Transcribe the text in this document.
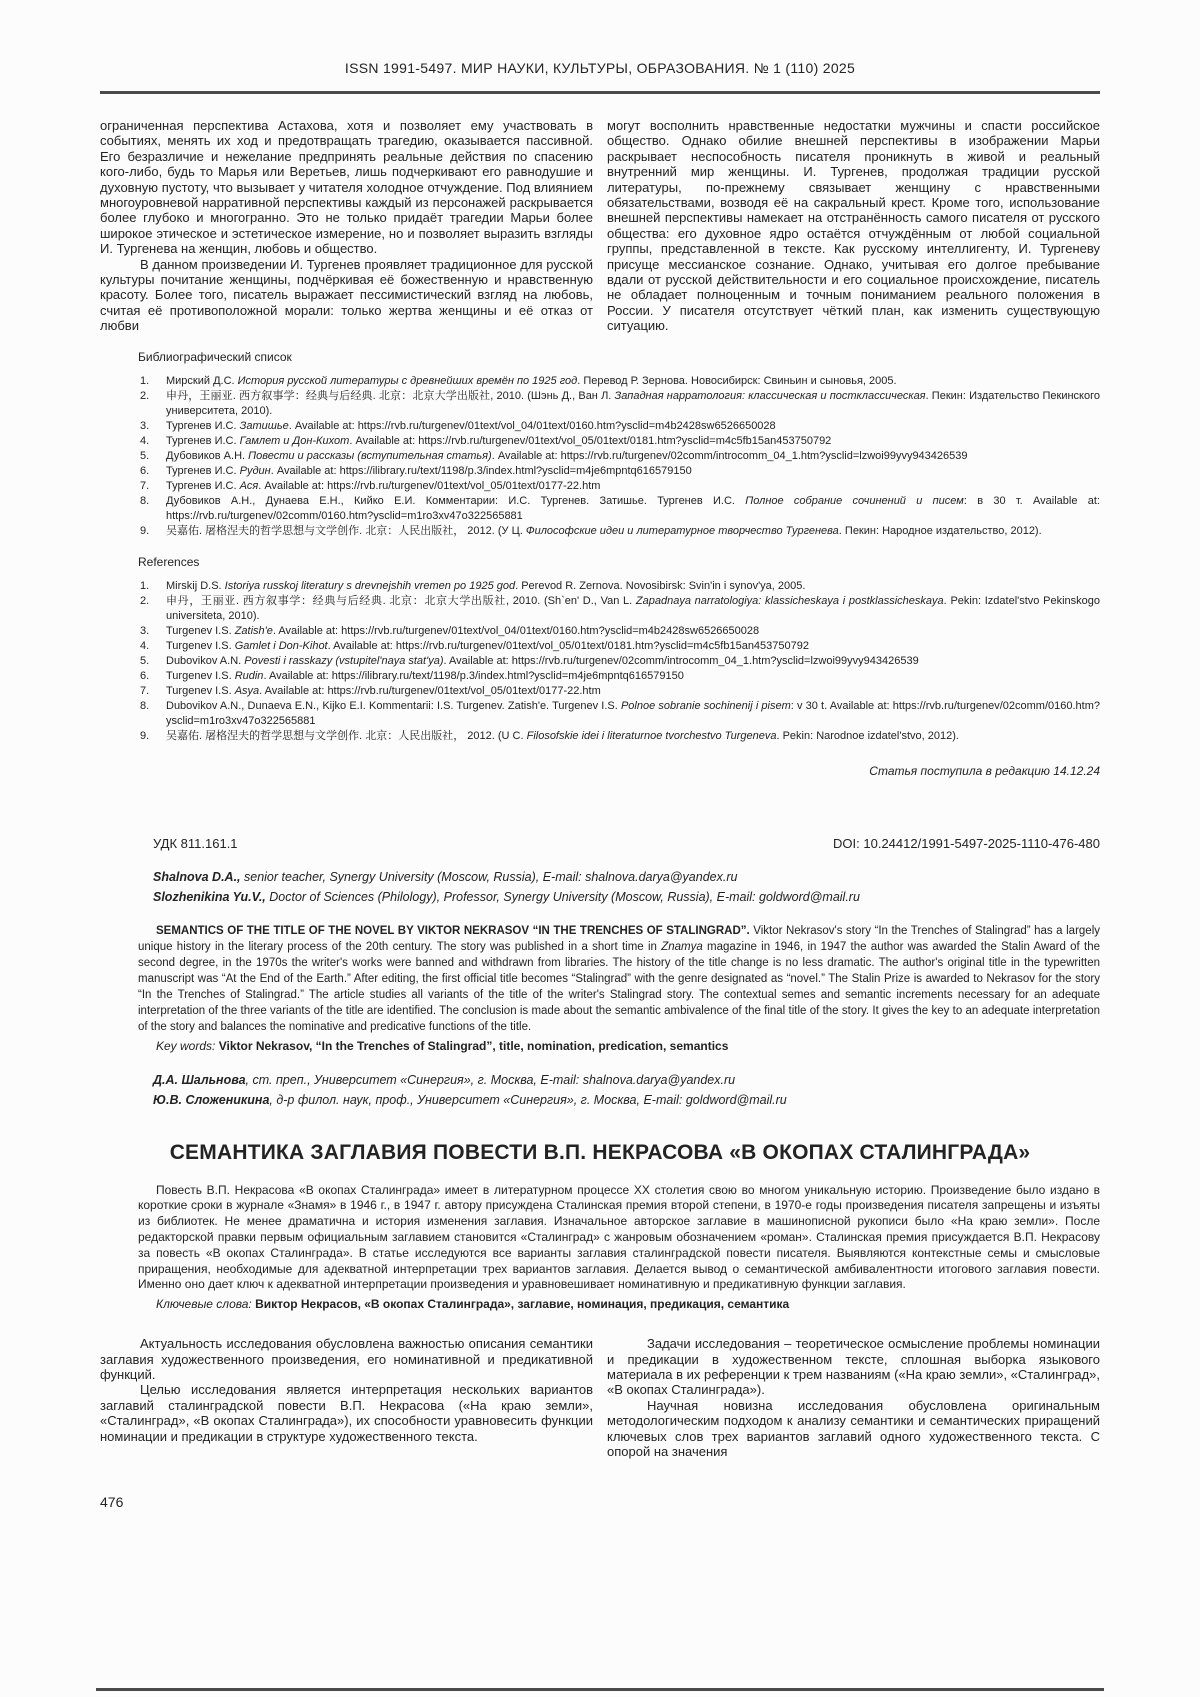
ISSN 1991-5497. МИР НАУКИ, КУЛЬТУРЫ, ОБРАЗОВАНИЯ. № 1 (110) 2025

ограниченная перспектива Астахова, хотя и позволяет ему участвовать в событиях, менять их ход и предотвращать трагедию, оказывается пассивной. Его безразличие и нежелание предпринять реальные действия по спасению кого-либо, будь то Марья или Веретьев, лишь подчеркивают его равнодушие и духовную пустоту, что вызывает у читателя холодное отчуждение. Под влиянием многоуровневой нарративной перспективы каждый из персонажей раскрывается более глубоко и многогранно. Это не только придаёт трагедии Марьи более широкое этическое и эстетическое измерение, но и позволяет выразить взгляды И. Тургенева на женщин, любовь и общество.

В данном произведении И. Тургенев проявляет традиционное для русской культуры почитание женщины, подчёркивая её божественную и нравственную красоту. Более того, писатель выражает пессимистический взгляд на любовь, считая её противоположной морали: только жертва женщины и её отказ от любви

могут восполнить нравственные недостатки мужчины и спасти российское общество. Однако обилие внешней перспективы в изображении Марьи раскрывает неспособность писателя проникнуть в живой и реальный внутренний мир женщины. И. Тургенев, продолжая традиции русской литературы, по-прежнему связывает женщину с нравственными обязательствами, возводя её на сакральный крест. Кроме того, использование внешней перспективы намекает на отстранённость самого писателя от русского общества: его духовное ядро остаётся отчуждённым от любой социальной группы, представленной в тексте. Как русскому интеллигенту, И. Тургеневу присуще мессианское сознание. Однако, учитывая его долгое пребывание вдали от русской действительности и его социальное происхождение, писатель не обладает полноценным и точным пониманием реального положения в России. У писателя отсутствует чёткий план, как изменить существующую ситуацию.

Библиографический список
Мирский Д.С. История русской литературы с древнейших времён по 1925 год. Перевод Р. Зернова. Новосибирск: Свиньин и сыновья, 2005.
申丹，王丽亚. 西方叙事学：经典与后经典. 北京：北京大学出版社, 2010. (Шэнь Д., Ван Л. Западная нарратология: классическая и постклассическая. Пекин: Издательство Пекинского университета, 2010).
Тургенев И.С. Затишье. Available at: https://rvb.ru/turgenev/01text/vol_04/01text/0160.htm?ysclid=m4b2428sw6526650028
Тургенев И.С. Гамлет и Дон-Кихот. Available at: https://rvb.ru/turgenev/01text/vol_05/01text/0181.htm?ysclid=m4c5fb15an453750792
Дубовиков А.Н. Повести и рассказы (вступительная статья). Available at: https://rvb.ru/turgenev/02comm/introcomm_04_1.htm?ysclid=lzwoi99yvy943426539
Тургенев И.С. Рудин. Available at: https://ilibrary.ru/text/1198/p.3/index.html?ysclid=m4je6mpntq616579150
Тургенев И.С. Ася. Available at: https://rvb.ru/turgenev/01text/vol_05/01text/0177-22.htm
Дубовиков А.Н., Дунаева Е.Н., Кийко Е.И. Комментарии: И.С. Тургенев. Затишье. Тургенев И.С. Полное собрание сочинений и писем: в 30 т. Available at: https://rvb.ru/turgenev/02comm/0160.htm?ysclid=m1ro3xv47o322565881
吴嘉佑. 屠格涅夫的哲学思想与文学创作. 北京：人民出版社， 2012. (У Ц. Философские идеи и литературное творчество Тургенева. Пекин: Народное издательство, 2012).
References
Mirskij D.S. Istoriya russkoj literatury s drevnejshih vremen po 1925 god. Perevod R. Zernova. Novosibirsk: Svin'in i synov'ya, 2005.
申丹，王丽亚. 西方叙事学：经典与后经典. 北京：北京大学出版社, 2010. (Sh`en' D., Van L. Zapadnaya narratologiya: klassicheskaya i postklassicheskaya. Pekin: Izdatel'stvo Pekinskogo universiteta, 2010).
Turgenev I.S. Zatish'e. Available at: https://rvb.ru/turgenev/01text/vol_04/01text/0160.htm?ysclid=m4b2428sw6526650028
Turgenev I.S. Gamlet i Don-Kihot. Available at: https://rvb.ru/turgenev/01text/vol_05/01text/0181.htm?ysclid=m4c5fb15an453750792
Dubovikov A.N. Povesti i rasskazy (vstupitel'naya stat'ya). Available at: https://rvb.ru/turgenev/02comm/introcomm_04_1.htm?ysclid=lzwoi99yvy943426539
Turgenev I.S. Rudin. Available at: https://ilibrary.ru/text/1198/p.3/index.html?ysclid=m4je6mpntq616579150
Turgenev I.S. Asya. Available at: https://rvb.ru/turgenev/01text/vol_05/01text/0177-22.htm
Dubovikov A.N., Dunaeva E.N., Kijko E.I. Kommentarii: I.S. Turgenev. Zatish'e. Turgenev I.S. Polnoe sobranie sochinenij i pisem: v 30 t. Available at: https://rvb.ru/turgenev/02comm/0160.htm?ysclid=m1ro3xv47o322565881
吴嘉佑. 屠格涅夫的哲学思想与文学创作. 北京：人民出版社， 2012. (U C. Filosofskie idei i literaturnoe tvorchestvo Turgeneva. Pekin: Narodnoe izdatel'stvo, 2012).
Статья поступила в редакцию 14.12.24
УДК 811.161.1	DOI: 10.24412/1991-5497-2025-1110-476-480
Shalnova D.A., senior teacher, Synergy University (Moscow, Russia), E-mail: shalnova.darya@yandex.ru
Slozhenikina Yu.V., Doctor of Sciences (Philology), Professor, Synergy University (Moscow, Russia), E-mail: goldword@mail.ru

SEMANTICS OF THE TITLE OF THE NOVEL BY VIKTOR NEKRASOV “IN THE TRENCHES OF STALINGRAD”. Viktor Nekrasov's story “In the Trenches of Stalingrad” has a largely unique history in the literary process of the 20th century. The story was published in a short time in Znamya magazine in 1946, in 1947 the author was awarded the Stalin Award of the second degree, in the 1970s the writer's works were banned and withdrawn from libraries. The history of the title change is no less dramatic. The author's original title in the typewritten manuscript was “At the End of the Earth.” After editing, the first official title becomes “Stalingrad” with the genre designated as “novel.” The Stalin Prize is awarded to Nekrasov for the story “In the Trenches of Stalingrad.” The article studies all variants of the title of the writer's Stalingrad story. The contextual semes and semantic increments necessary for an adequate interpretation of the three variants of the title are identified. The conclusion is made about the semantic ambivalence of the final title of the story. It gives the key to an adequate interpretation of the story and balances the nominative and predicative functions of the title.

Key words: Viktor Nekrasov, “In the Trenches of Stalingrad”, title, nomination, predication, semantics

Д.А. Шальнова, ст. преп., Университет «Синергия», г. Москва, E-mail: shalnova.darya@yandex.ru
Ю.В. Сложеникина, д-р филол. наук, проф., Университет «Синергия», г. Москва, E-mail: goldword@mail.ru
СЕМАНТИКА ЗАГЛАВИЯ ПОВЕСТИ В.П. НЕКРАСОВА «В ОКОПАХ СТАЛИНГРАДА»

Повесть В.П. Некрасова «В окопах Сталинграда» имеет в литературном процессе XX столетия свою во многом уникальную историю. Произведение было издано в короткие сроки в журнале «Знамя» в 1946 г., в 1947 г. автору присуждена Сталинская премия второй степени, в 1970-е годы произведения писателя запрещены и изъяты из библиотек. Не менее драматична и история изменения заглавия. Изначальное авторское заглавие в машинописной рукописи было «На краю земли». После редакторской правки первым официальным заглавием становится «Сталинград» с жанровым обозначением «роман». Сталинская премия присуждается В.П. Некрасову за повесть «В окопах Сталинграда». В статье исследуются все варианты заглавия сталинградской повести писателя. Выявляются контекстные семы и смысловые приращения, необходимые для адекватной интерпретации трех вариантов заглавия. Делается вывод о семантической амбивалентности итогового заглавия повести. Именно оно дает ключ к адекватной интерпретации произведения и уравновешивает номинативную и предикативную функции заглавия.

Ключевые слова: Виктор Некрасов, «В окопах Сталинграда», заглавие, номинация, предикация, семантика

Актуальность исследования обусловлена важностью описания семантики заглавия художественного произведения, его номинативной и предикативной функций.

Целью исследования является интерпретация нескольких вариантов заглавий сталинградской повести В.П. Некрасова («На краю земли», «Сталинград», «В окопах Сталинграда»), их способности уравновесить функции номинации и предикации в структуре художественного текста.

Задачи исследования – теоретическое осмысление проблемы номинации и предикации в художественном тексте, сплошная выборка языкового материала в их референции к трем названиям («На краю земли», «Сталинград», «В окопах Сталинграда»).

Научная новизна исследования обусловлена оригинальным методологическим подходом к анализу семантики и семантических приращений ключевых слов трех вариантов заглавий одного художественного текста. С опорой на значения

476
